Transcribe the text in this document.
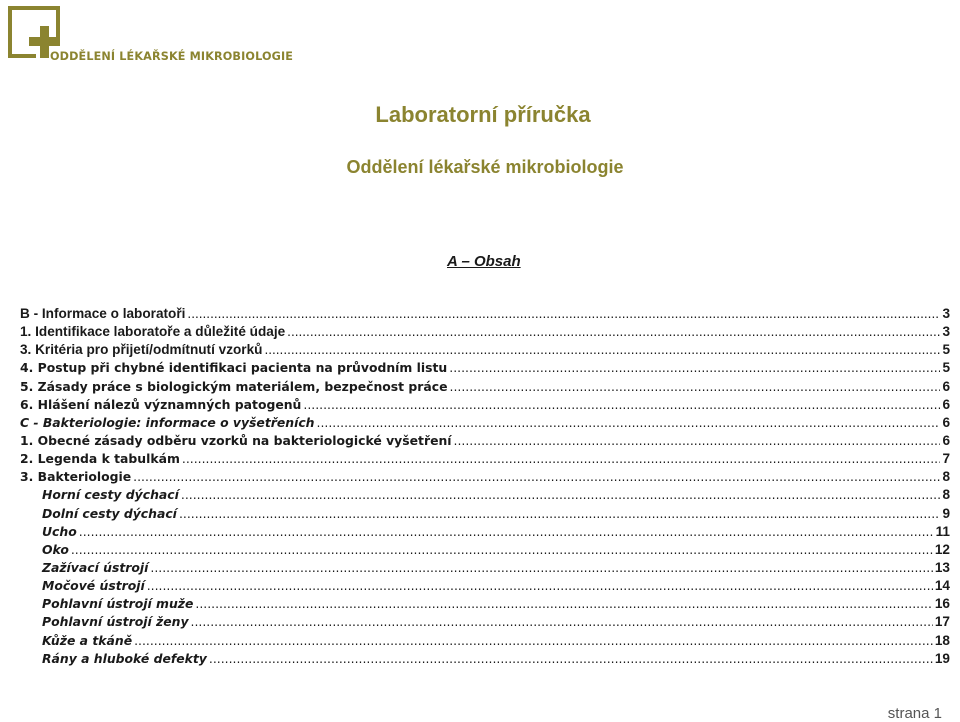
ODDĚLENÍ LÉKAŘSKÉ MIKROBIOLOGIE
Laboratorní příručka
Oddělení lékařské mikrobiologie
A – Obsah
B - Informace o laboratoři .....	3
1. Identifikace laboratoře a důležité údaje .....	3
3. Kritéria pro přijetí/odmítnutí vzorků .....	5
4. Postup při chybné identifikaci pacienta na průvodním listu .....	5
5. Zásady práce s biologickým materiálem, bezpečnost práce .....	6
6. Hlášení nálezů významných patogenů .....	6
C - Bakteriologie: informace o vyšetřeních .....	6
1. Obecné zásady odběru vzorků na bakteriologické vyšetření .....	6
2. Legenda k tabulkám .....	7
3. Bakteriologie .....	8
Horní cesty dýchací .....	8
Dolní cesty dýchací .....	9
Ucho .....	11
Oko .....	12
Zažívací ústrojí .....	13
Močové ústrojí .....	14
Pohlavní ústrojí muže .....	16
Pohlavní ústrojí ženy .....	17
Kůže a tkáně .....	18
Rány a hluboké defekty .....	19
strana 1
